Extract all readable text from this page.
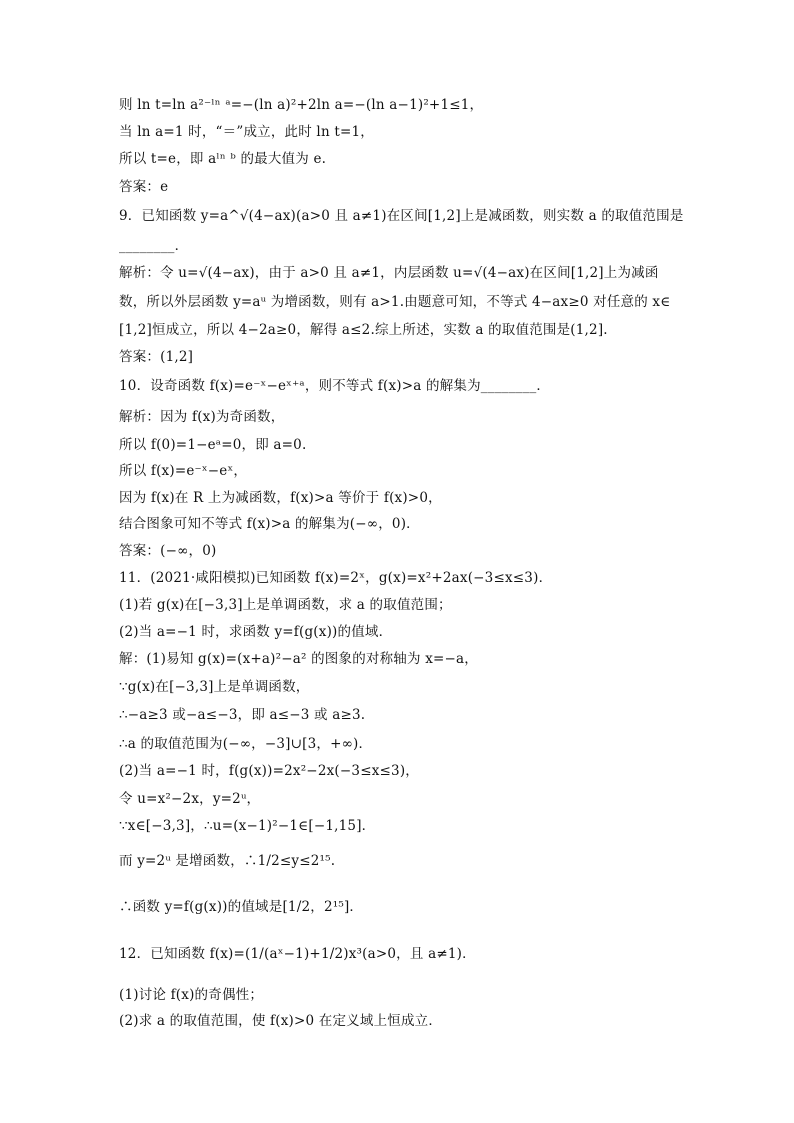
则 ln t=ln a²⁻ˡⁿ ᵃ=−(ln a)²+2ln a=−(ln a−1)²+1≤1，
当 ln a=1 时，“＝”成立，此时 ln t=1，
所以 t=e，即 aˡⁿ ᵇ 的最大值为 e.
答案：e
9．已知函数 y=a^√(4−ax)(a>0 且 a≠1)在区间[1,2]上是减函数，则实数 a 的取值范围是
________．
解析：令 u=√(4−ax)，由于 a>0 且 a≠1，内层函数 u=√(4−ax)在区间[1,2]上为减函
数，所以外层函数 y=aᵘ 为增函数，则有 a>1.由题意可知，不等式 4−ax≥0 对任意的 x∈
[1,2]恒成立，所以 4−2a≥0，解得 a≤2.综上所述，实数 a 的取值范围是(1,2].
答案：(1,2]
10．设奇函数 f(x)=e⁻ˣ−eˣ⁺ᵃ，则不等式 f(x)>a 的解集为________．
解析：因为 f(x)为奇函数，
所以 f(0)=1−eᵃ=0，即 a=0.
所以 f(x)=e⁻ˣ−eˣ，
因为 f(x)在 R 上为减函数，f(x)>a 等价于 f(x)>0，
结合图象可知不等式 f(x)>a 的解集为(−∞，0)．
答案：(−∞，0)
11．(2021·咸阳模拟)已知函数 f(x)=2ˣ，g(x)=x²+2ax(−3≤x≤3)．
(1)若 g(x)在[−3,3]上是单调函数，求 a 的取值范围；
(2)当 a=−1 时，求函数 y=f(g(x))的值域．
解：(1)易知 g(x)=(x+a)²−a² 的图象的对称轴为 x=−a，
∵g(x)在[−3,3]上是单调函数，
∴−a≥3 或−a≤−3，即 a≤−3 或 a≥3.
∴a 的取值范围为(−∞，−3]∪[3，+∞)．
(2)当 a=−1 时，f(g(x))=2x²−2x(−3≤x≤3)，
令 u=x²−2x，y=2ᵘ，
∵x∈[−3,3]，∴u=(x−1)²−1∈[−1,15]．
而 y=2ᵘ 是增函数，∴1/2≤y≤2¹⁵.
∴函数 y=f(g(x))的值域是[1/2，2¹⁵]．
12．已知函数 f(x)=(1/(aˣ−1)+1/2)x³(a>0，且 a≠1)．
(1)讨论 f(x)的奇偶性；
(2)求 a 的取值范围，使 f(x)>0 在定义域上恒成立．
